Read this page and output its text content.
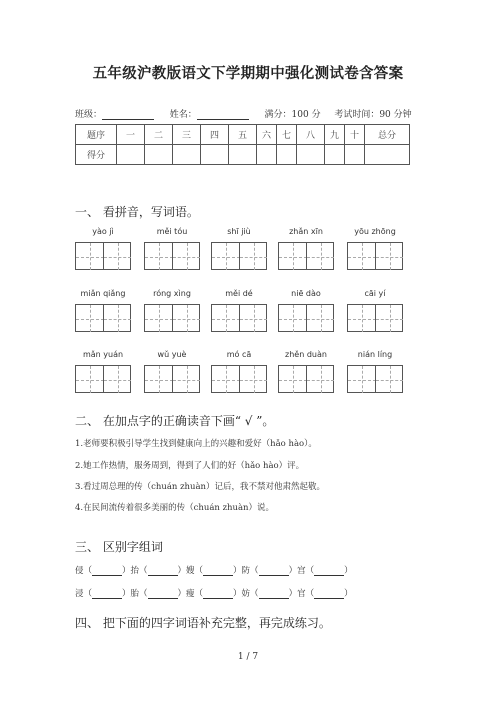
五年级沪教版语文下学期期中强化测试卷含答案
班级：	姓名：	满分：100 分 考试时间：90 分钟
题序	一	二	三	四	五	六	七	八	九	十	总分
得分											
一、 看拼音，写词语。
yào jì	měi tóu	shī jiù	zhǎn xīn	yōu zhōng
miǎn qiǎng	róng xìng	měi dé	niē dào	cāi yí
mǎn yuán	wǔ yuè	mó cā	zhěn duàn	nián líng
二、 在加点字的正确读音下画“ √ ”。
1.老师要积极引导学生找到健康向上的兴趣和爱好（hǎo hào）。
2.她工作热情，服务周到，得到了人们的好（hǎo hào）评。
3.看过周总理的传（chuán zhuàn）记后，我不禁对他肃然起敬。
4.在民间流传着很多美丽的传（chuán zhuàn）说。
三、 区别字组词
侵（	）抬（	）嫂（	）防（	）宫（	）
浸（	）胎（	）瘦（	）妨（	）官（	）
四、 把下面的四字词语补充完整，再完成练习。
1 / 7
